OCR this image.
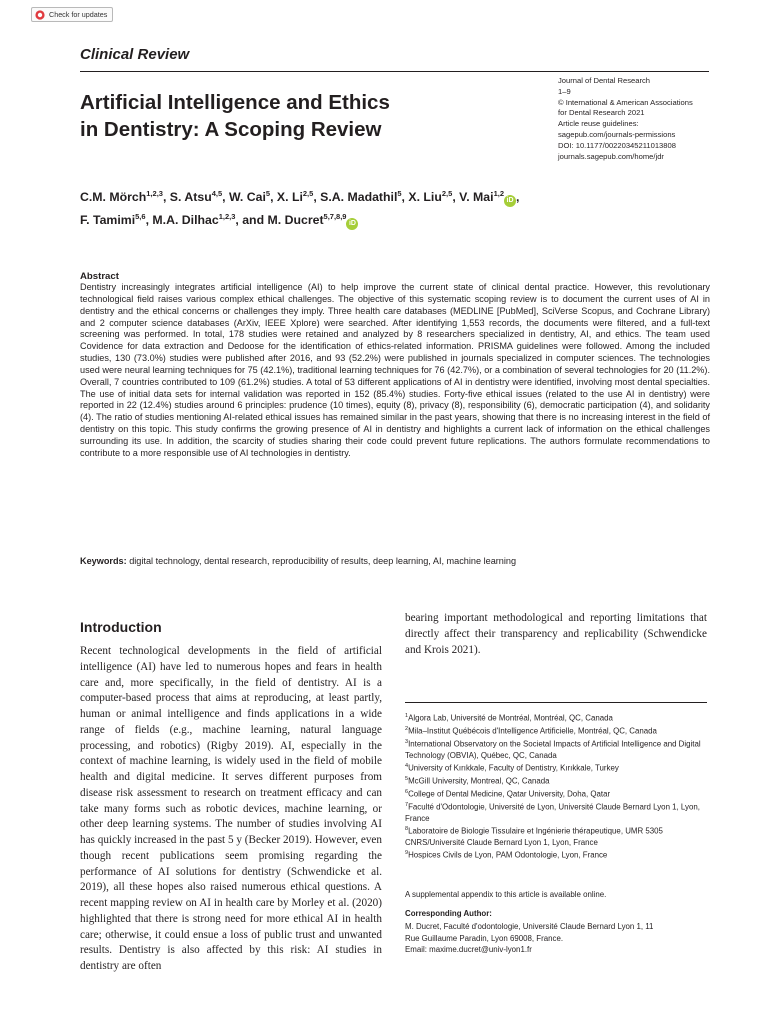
Check for updates
Clinical Review
Journal of Dental Research
1–9
© International & American Associations
for Dental Research 2021
Article reuse guidelines:
sagepub.com/journals-permissions
DOI: 10.1177/00220345211013808
journals.sagepub.com/home/jdr
Artificial Intelligence and Ethics
in Dentistry: A Scoping Review
C.M. Mörch$^{1,2,3}$, S. Atsu$^{4,5}$, W. Cai$^5$, X. Li$^{2,5}$, S.A. Madathil$^5$, X. Liu$^{2,5}$, V. Mai$^{1,2}$iD ,
F. Tamimi$^{5,6}$, M.A. Dilhac$^{1,2,3}$, and M. Ducret$^{5,7,8,9}$iD
Abstract
Dentistry increasingly integrates artificial intelligence (AI) to help improve the current state of clinical dental practice. However, this revolutionary technological field raises various complex ethical challenges. The objective of this systematic scoping review is to document the current uses of AI in dentistry and the ethical concerns or challenges they imply. Three health care databases (MEDLINE [PubMed], SciVerse Scopus, and Cochrane Library) and 2 computer science databases (ArXiv, IEEE Xplore) were searched. After identifying 1,553 records, the documents were filtered, and a full-text screening was performed. In total, 178 studies were retained and analyzed by 8 researchers specialized in dentistry, AI, and ethics. The team used Covidence for data extraction and Dedoose for the identification of ethics-related information. PRISMA guidelines were followed. Among the included studies, 130 (73.0%) studies were published after 2016, and 93 (52.2%) were published in journals specialized in computer sciences. The technologies used were neural learning techniques for 75 (42.1%), traditional learning techniques for 76 (42.7%), or a combination of several technologies for 20 (11.2%). Overall, 7 countries contributed to 109 (61.2%) studies. A total of 53 different applications of AI in dentistry were identified, involving most dental specialties. The use of initial data sets for internal validation was reported in 152 (85.4%) studies. Forty-five ethical issues (related to the use AI in dentistry) were reported in 22 (12.4%) studies around 6 principles: prudence (10 times), equity (8), privacy (8), responsibility (6), democratic participation (4), and solidarity (4). The ratio of studies mentioning AI-related ethical issues has remained similar in the past years, showing that there is no increasing interest in the field of dentistry on this topic. This study confirms the growing presence of AI in dentistry and highlights a current lack of information on the ethical challenges surrounding its use. In addition, the scarcity of studies sharing their code could prevent future replications. The authors formulate recommendations to contribute to a more responsible use of AI technologies in dentistry.
Keywords: digital technology, dental research, reproducibility of results, deep learning, AI, machine learning
Introduction
Recent technological developments in the field of artificial intelligence (AI) have led to numerous hopes and fears in health care and, more specifically, in the field of dentistry. AI is a computer-based process that aims at reproducing, at least partly, human or animal intelligence and finds applications in a wide range of fields (e.g., machine learning, natural language processing, and robotics) (Rigby 2019). AI, especially in the context of machine learning, is widely used in the field of mobile health and digital medicine. It serves different purposes from disease risk assessment to research on treatment efficacy and can take many forms such as robotic devices, machine learning, or other deep learning systems. The number of studies involving AI has quickly increased in the past 5 y (Becker 2019). However, even though recent publications seem promising regarding the performance of AI solutions for dentistry (Schwendicke et al. 2019), all these hopes also raised numerous ethical questions. A recent mapping review on AI in health care by Morley et al. (2020) highlighted that there is strong need for more ethical AI in health care; otherwise, it could ensue a loss of public trust and unwanted results. Dentistry is also affected by this risk: AI studies in dentistry are often
bearing important methodological and reporting limitations that directly affect their transparency and replicability (Schwendicke and Krois 2021).
$^1$Algora Lab, Université de Montréal, Montréal, QC, Canada
$^2$Mila–Institut Québécois d'Intelligence Artificielle, Montréal, QC, Canada
$^3$International Observatory on the Societal Impacts of Artificial Intelligence and Digital Technology (OBVIA), Québec, QC, Canada
$^4$University of Kırıkkale, Faculty of Dentistry, Kırıkkale, Turkey
$^5$McGill University, Montreal, QC, Canada
$^6$College of Dental Medicine, Qatar University, Doha, Qatar
$^7$Faculté d'Odontologie, Université de Lyon, Université Claude Bernard Lyon 1, Lyon, France
$^8$Laboratoire de Biologie Tissulaire et Ingénierie thérapeutique, UMR 5305 CNRS/Université Claude Bernard Lyon 1, Lyon, France
$^9$Hospices Civils de Lyon, PAM Odontologie, Lyon, France
A supplemental appendix to this article is available online.
Corresponding Author:
M. Ducret, Faculté d'odontologie, Université Claude Bernard Lyon 1, 11
Rue Guillaume Paradin, Lyon 69008, France.
Email: maxime.ducret@univ-lyon1.fr
